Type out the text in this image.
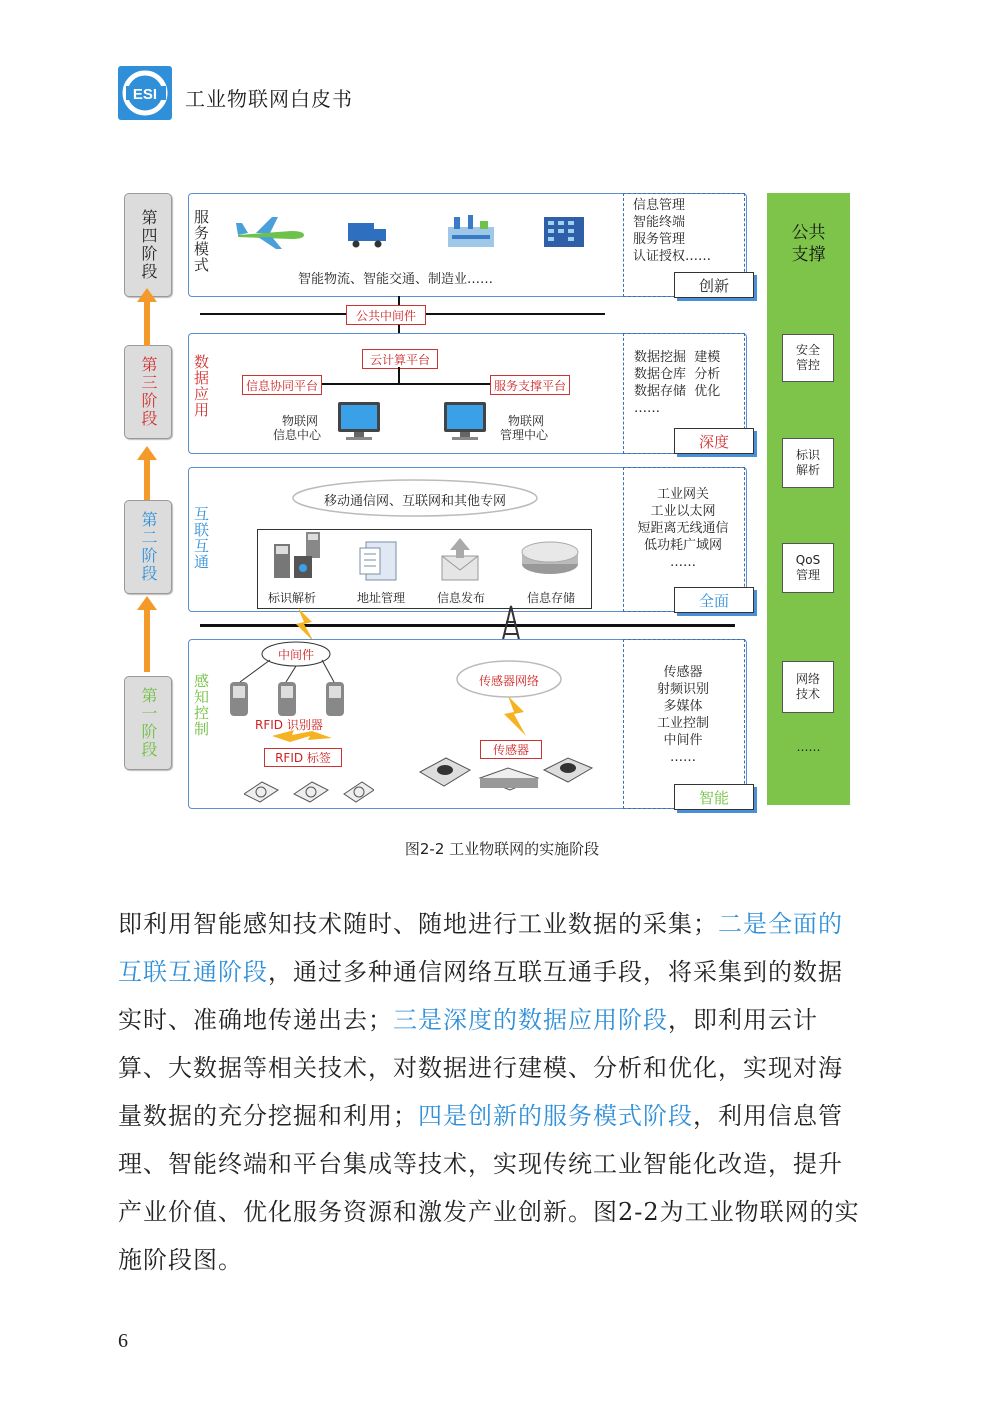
ESI 工业物联网白皮书
第四阶段
第三阶段
第二阶段
第一阶段
服务模式
智能物流、智能交通、制造业……
信息管理
智能终端
服务管理
认证授权……
创新
公共中间件
数据应用	云计算平台
信息协同平台	服务支撑平台
物联网
信息中心
物联网
管理中心
数据挖掘  建模
数据仓库  分析
数据存储  优化
……
深度
互联互通
移动通信网、互联网和其他专网
标识解析	地址管理	信息发布	信息存储
工业网关
工业以太网
短距离无线通信
低功耗广域网
……
全面
感知控制
中间件
RFID 识别器
RFID 标签
传感器网络
传感器
传感器
射频识别
多媒体
工业控制
中间件
……
智能
公共
支撑
安全
管控
标识
解析
QoS
管理
网络
技术
……
图2-2 工业物联网的实施阶段
即利用智能感知技术随时、随地进行工业数据的采集；二是全面的互联互通阶段，通过多种通信网络互联互通手段，将采集到的数据实时、准确地传递出去；三是深度的数据应用阶段，即利用云计算、大数据等相关技术，对数据进行建模、分析和优化，实现对海量数据的充分挖掘和利用；四是创新的服务模式阶段，利用信息管理、智能终端和平台集成等技术，实现传统工业智能化改造，提升产业价值、优化服务资源和激发产业创新。图2-2为工业物联网的实施阶段图。
6
